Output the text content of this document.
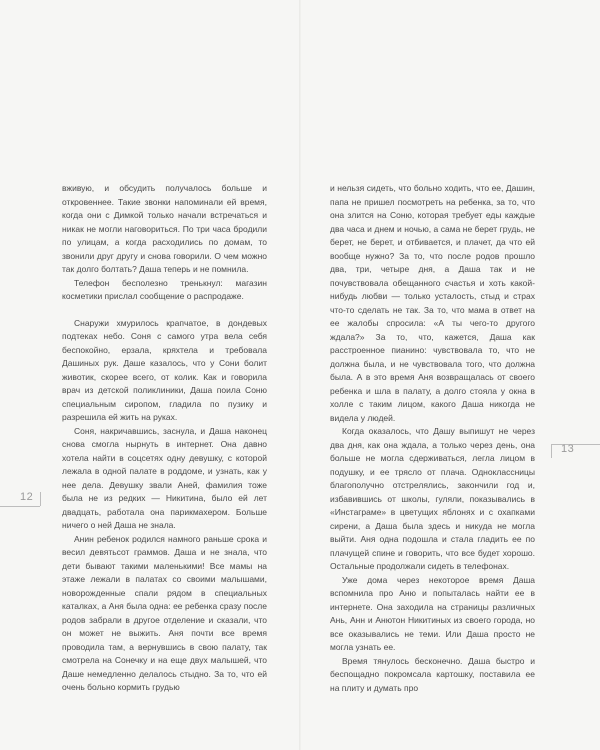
вживую, и обсудить получалось больше и откровеннее. Такие звонки напоминали ей время, когда они с Димкой только начали встречаться и никак не могли наговориться. По три часа бродили по улицам, а когда расходились по домам, то звонили друг другу и снова говорили. О чем можно так долго болтать? Даша теперь и не помнила.

Телефон бесполезно тренькнул: магазин косметики прислал сообщение о распродаже.

Снаружи хмурилось крапчатое, в дондевых подтеках небо. Соня с самого утра вела себя беспокойно, ерзала, кряхтела и требовала Дашиных рук. Даше казалось, что у Сони болит животик, скорее всего, от колик. Как и говорила врач из детской поликлиники, Даша поила Соню специальным сиропом, гладила по пузику и разрешила ей жить на руках.

Соня, накричавшись, заснула, и Даша наконец снова смогла нырнуть в интернет. Она давно хотела найти в соцсетях одну девушку, с которой лежала в одной палате в роддоме, и узнать, как у нее дела. Девушку звали Аней, фамилия тоже была не из редких — Никитина, было ей лет двадцать, работала она парикмахером. Больше ничего о ней Даша не знала.

Анин ребенок родился намного раньше срока и весил девятьсот граммов. Даша и не знала, что дети бывают такими маленькими! Все мамы на этаже лежали в палатах со своими малышами, новорожденные спали рядом в специальных каталках, а Аня была одна: ее ребенка сразу после родов забрали в другое отделение и сказали, что он может не выжить. Аня почти все время проводила там, а вернувшись в свою палату, так смотрела на Сонечку и на еще двух малышей, что Даше немедленно делалось стыдно. За то, что ей очень больно кормить грудью

и нельзя сидеть, что больно ходить, что ее, Дашин, папа не пришел посмотреть на ребенка, за то, что она злится на Соню, которая требует еды каждые два часа и днем и ночью, а сама не берет грудь, не берет, не берет, и отбивается, и плачет, да что ей вообще нужно? За то, что после родов прошло два, три, четыре дня, а Даша так и не почувствовала обещанного счастья и хоть какой-нибудь любви — только усталость, стыд и страх что-то сделать не так. За то, что мама в ответ на ее жалобы спросила: «А ты чего-то другого ждала?» За то, что, кажется, Даша как расстроенное пианино: чувствовала то, что не должна была, и не чувствовала того, что должна была. А в это время Аня возвращалась от своего ребенка и шла в палату, а долго стояла у окна в холле с таким лицом, какого Даша никогда не видела у людей.

Когда оказалось, что Дашу выпишут не через два дня, как она ждала, а только через день, она больше не могла сдерживаться, легла лицом в подушку, и ее трясло от плача. Одноклассницы благополучно отстрелялись, закончили год и, избавившись от школы, гуляли, показывались в «Инстаграме» в цветущих яблонях и с охапками сирени, а Даша была здесь и никуда не могла выйти. Аня одна подошла и стала гладить ее по плачущей спине и говорить, что все будет хорошо. Остальные продолжали сидеть в телефонах.

Уже дома через некоторое время Даша вспомнила про Аню и попыталась найти ее в интернете. Она заходила на страницы различных Ань, Анн и Анютон Никитиных из своего города, но все оказывались не теми. Или Даша просто не могла узнать ее.

Время тянулось бесконечно. Даша быстро и беспощадно покромсала картошку, поставила ее на плиту и думать про

12
13
